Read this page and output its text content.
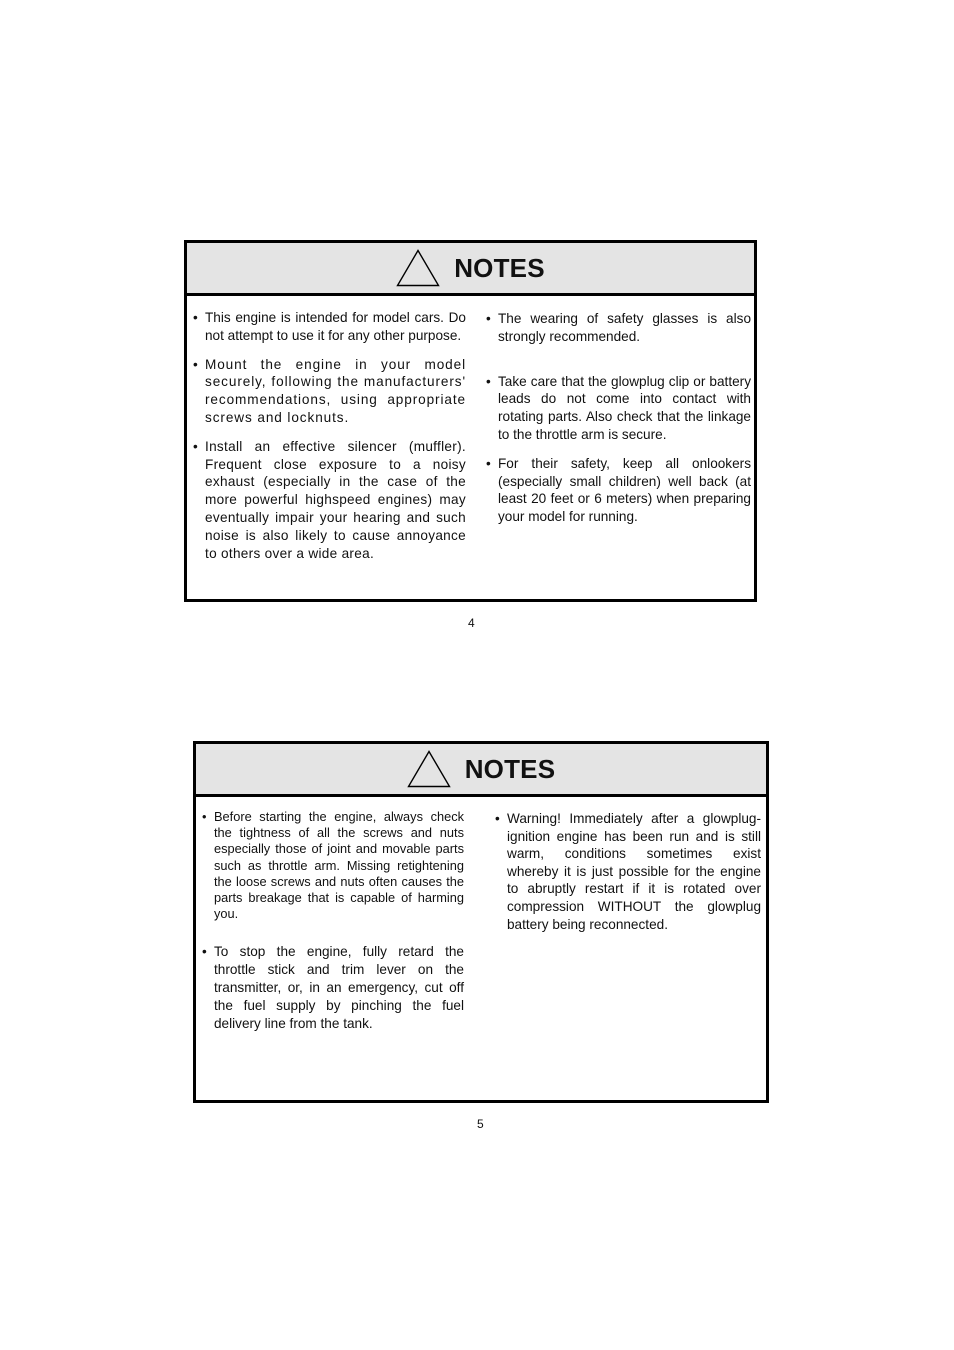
NOTES
• This engine is intended for model cars. Do not attempt to use it for any other purpose.
• Mount the engine in your model securely, following the manufacturers' recommendations, using appropriate screws and locknuts.
• Install an effective silencer (muffler). Frequent close exposure to a noisy exhaust (especially in the case of the more powerful highspeed engines) may eventually impair your hearing and such noise is also likely to cause annoyance to others over a wide area.
• The wearing of safety glasses is also strongly recommended.
• Take care that the glowplug clip or battery leads do not come into contact with rotating parts. Also check that the linkage to the throttle arm is secure.
• For their safety, keep all onlookers (especially small children) well back (at least 20 feet or 6 meters) when preparing your model for running.
4
NOTES
• Before starting the engine, always check the tightness of all the screws and nuts especially those of joint and movable parts such as throttle arm. Missing retightening the loose screws and nuts often causes the parts breakage that is capable of harming you.
• To stop the engine, fully retard the throttle stick and trim lever on the transmitter, or, in an emergency, cut off the fuel supply by pinching the fuel delivery line from the tank.
• Warning! Immediately after a glowplug-ignition engine has been run and is still warm, conditions sometimes exist whereby it is just possible for the engine to abruptly restart if it is rotated over compression WITHOUT the glowplug battery being reconnected.
5
